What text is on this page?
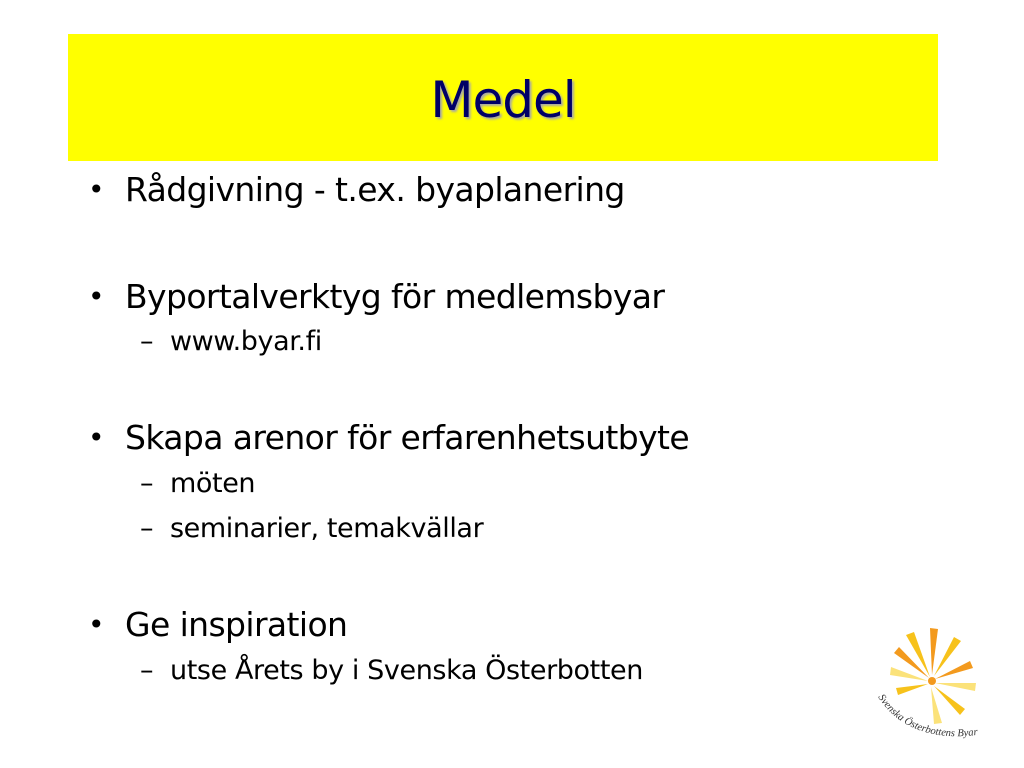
Medel
• Rådgivning - t.ex. byaplanering
• Byportalverktyg för medlemsbyar
– www.byar.fi
• Skapa arenor för erfarenhetsutbyte
– möten
– seminarier, temakvällar
• Ge inspiration
– utse Årets by i Svenska Österbotten
Svenska Österbottens Byar
